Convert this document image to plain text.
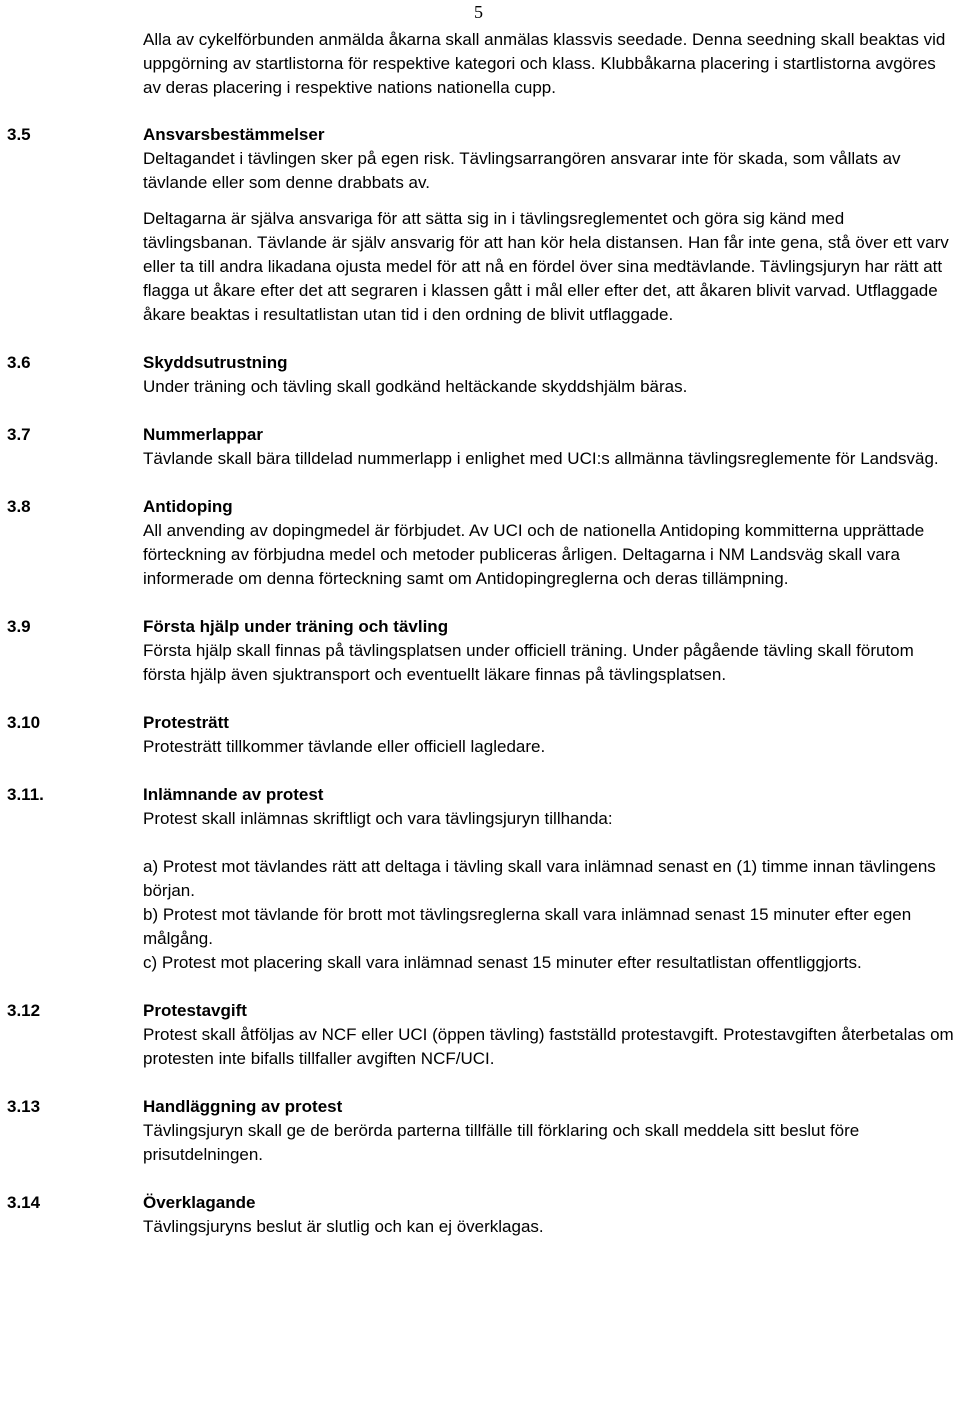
5
Alla av cykelförbunden anmälda åkarna skall anmälas klassvis seedade. Denna seedning skall beaktas vid uppgörning av startlistorna för respektive kategori och klass. Klubbåkarna placering i startlistorna avgöres av deras placering i respektive nations nationella cupp.
3.5	Ansvarsbestämmelser
Deltagandet i tävlingen sker på egen risk. Tävlingsarrangören ansvarar inte för skada, som vållats av tävlande eller som denne drabbats av.
Deltagarna är själva ansvariga för att sätta sig in i tävlingsreglementet och göra sig känd med tävlingsbanan. Tävlande är själv ansvarig för att han kör hela distansen. Han får inte gena, stå över ett varv eller ta till andra likadana ojusta medel för att nå en fördel över sina medtävlande. Tävlingsjuryn har rätt att flagga ut åkare efter det att segraren i klassen gått i mål eller efter det, att åkaren blivit varvad. Utflaggade åkare beaktas i resultatlistan utan tid i den ordning de blivit utflaggade.
3.6	Skyddsutrustning
Under träning och tävling skall godkänd heltäckande skyddshjälm bäras.
3.7	Nummerlappar
Tävlande skall bära tilldelad nummerlapp i enlighet med UCI:s allmänna tävlingsreglemente för Landsväg.
3.8	Antidoping
All anvending av dopingmedel är förbjudet. Av UCI och de nationella Antidoping kommitterna upprättade förteckning av förbjudna medel och metoder publiceras årligen. Deltagarna i NM Landsväg skall vara informerade om denna förteckning samt om Antidopingreglerna och deras tillämpning.
3.9	Första hjälp under träning och tävling
Första hjälp skall finnas på tävlingsplatsen under officiell träning. Under pågående tävling skall förutom första hjälp även sjuktransport och eventuellt läkare finnas på tävlingsplatsen.
3.10	Protesträtt
Protesträtt tillkommer tävlande eller officiell lagledare.
3.11.	Inlämnande av protest
Protest skall inlämnas skriftligt och vara tävlingsjuryn tillhanda:
a) Protest mot tävlandes rätt att deltaga i tävling skall vara inlämnad senast en (1) timme innan tävlingens början.
b) Protest mot tävlande för brott mot tävlingsreglerna skall vara inlämnad senast 15 minuter efter egen målgång.
c) Protest mot placering skall vara inlämnad senast 15 minuter efter resultatlistan offentliggjorts.
3.12	Protestavgift
Protest skall åtföljas av NCF eller UCI (öppen tävling) fastställd protestavgift. Protestavgiften återbetalas om protesten inte bifalls tillfaller avgiften NCF/UCI.
3.13	Handläggning av protest
Tävlingsjuryn skall ge de berörda parterna tillfälle till förklaring och skall meddela sitt beslut före prisutdelningen.
3.14	Överklagande
Tävlingsjuryns beslut är slutlig och kan ej överklagas.
